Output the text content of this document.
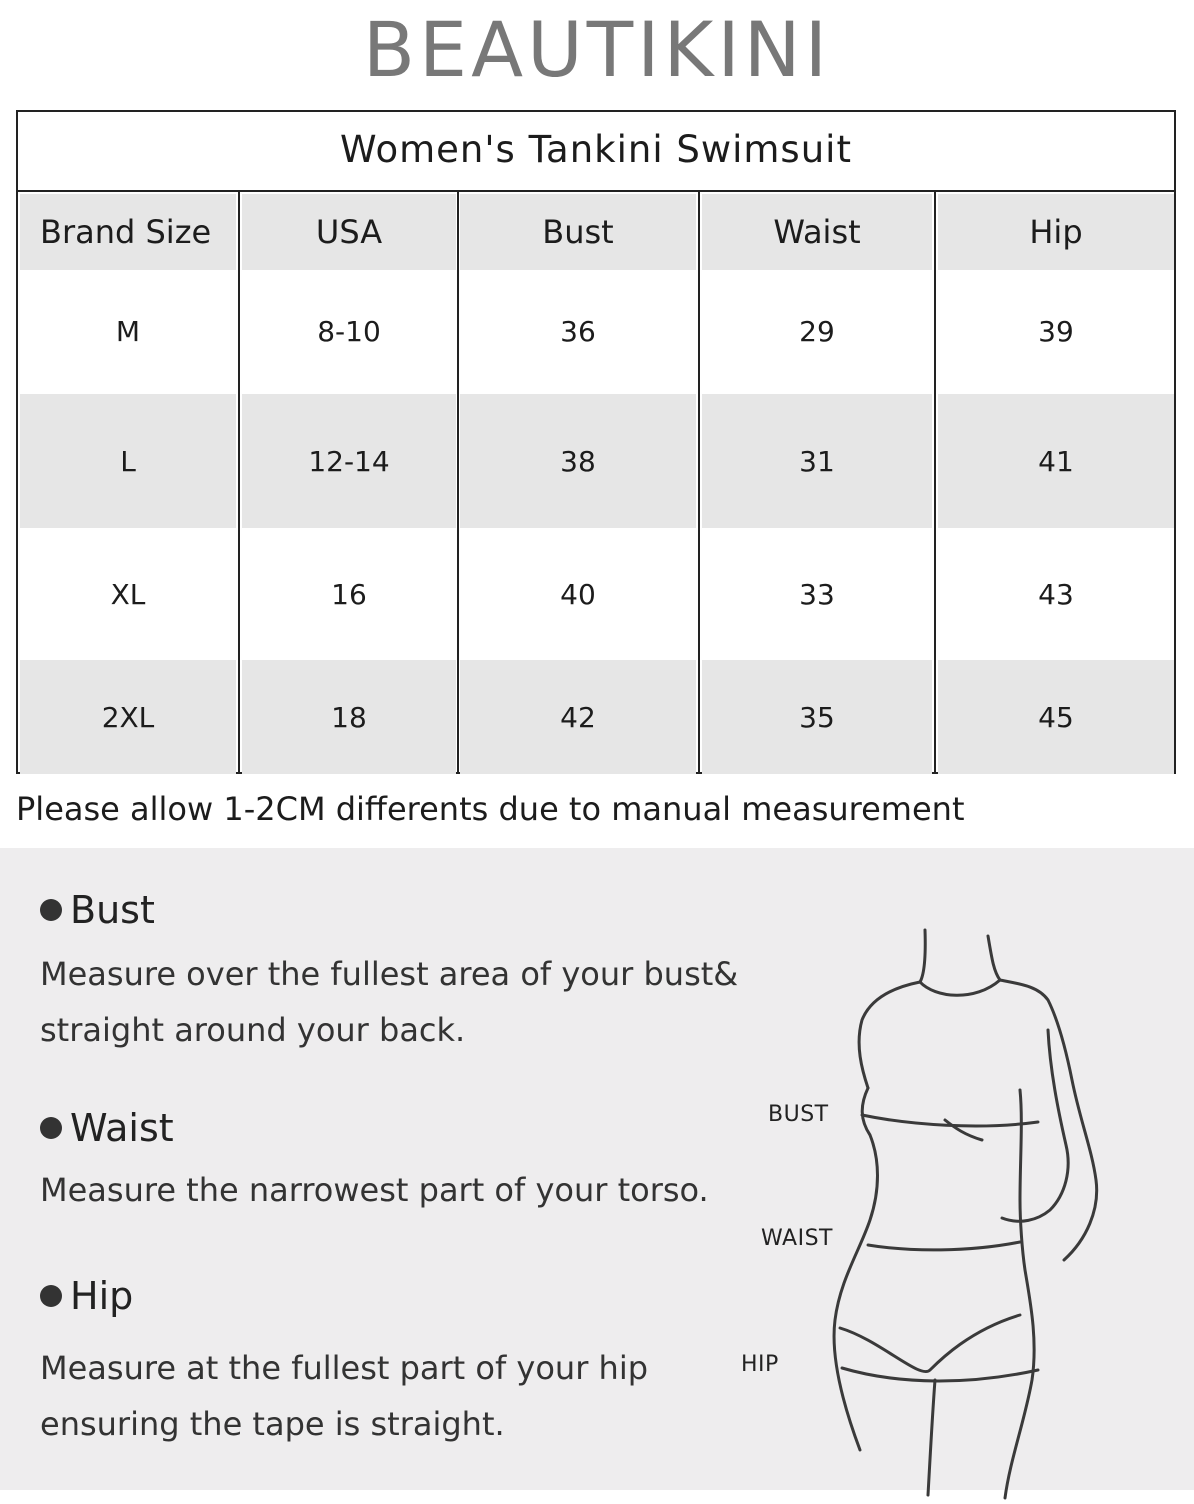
BEAUTIKINI
Women's Tankini Swimsuit
Brand Size	USA	Bust	Waist	Hip
M	8-10	36	29	39
L	12-14	38	31	41
XL	16	40	33	43
2XL	18	42	35	45
Please allow 1-2CM differents due to manual measurement
Bust
Measure over the fullest area of your bust&
straight around your back.
Waist
Measure the narrowest part of your torso.
Hip
Measure at the fullest part of your hip
ensuring the tape is straight.
BUST
WAIST
HIP
